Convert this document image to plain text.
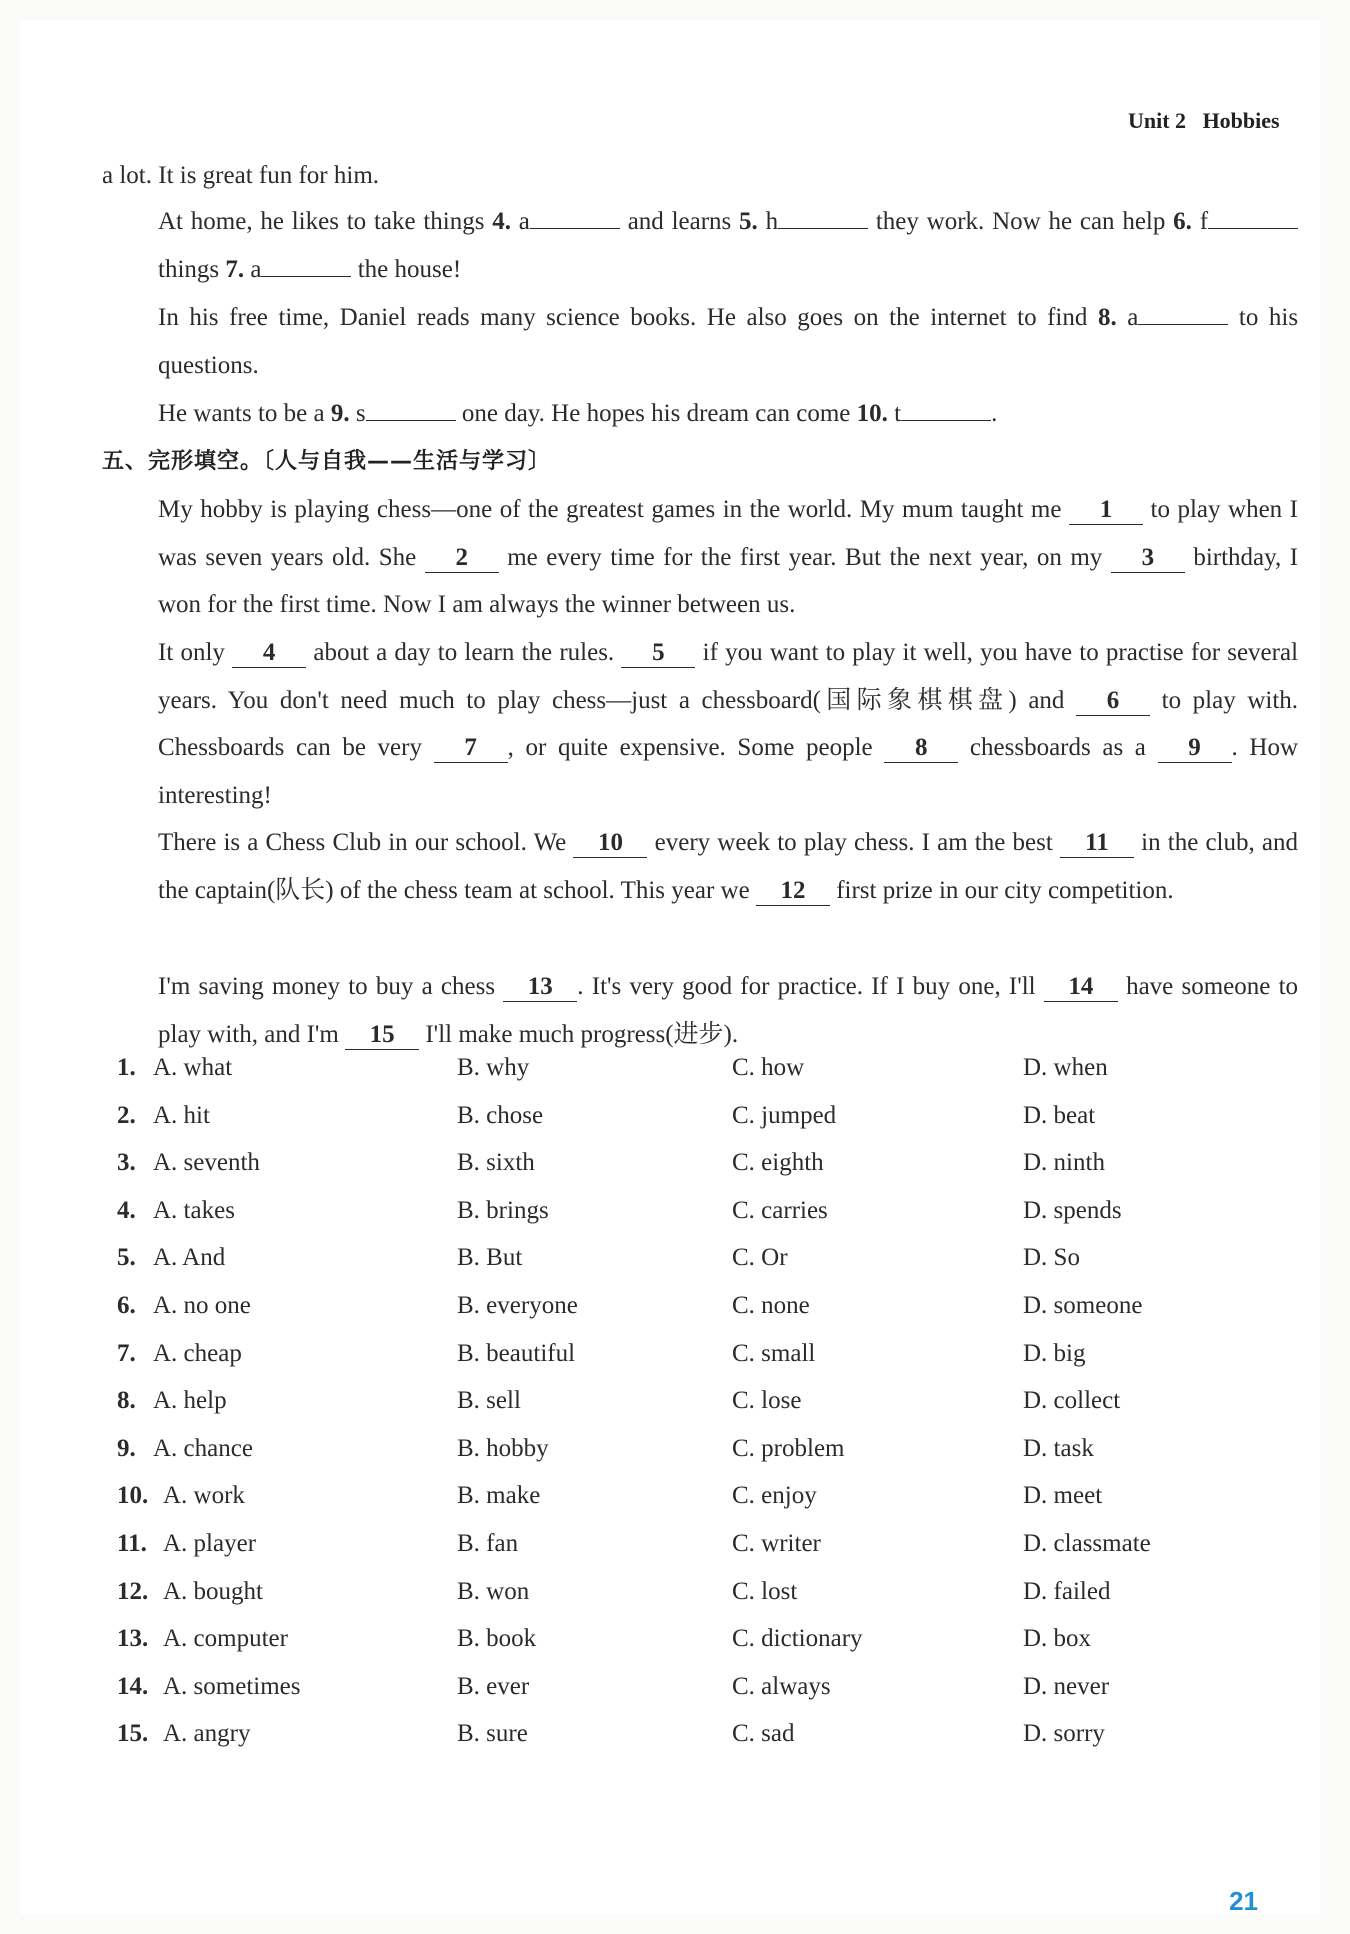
Unit 2 Hobbies
a lot. It is great fun for him.
At home, he likes to take things 4. a	and learns 5. h	they work. Now he can help 6. f things 7. a	the house!
In his free time, Daniel reads many science books. He also goes on the internet to find 8. a	to his questions.
He wants to be a 9. s	one day. He hopes his dream can come 10. t	.
五、完形填空。〔人与自我——生活与学习〕
My hobby is playing chess—one of the greatest games in the world. My mum taught me 1 to play when I was seven years old. She 2 me every time for the first year. But the next year, on my 3 birthday, I won for the first time. Now I am always the winner between us.
It only 4 about a day to learn the rules. 5 if you want to play it well, you have to practise for several years. You don't need much to play chess—just a chessboard(国际象棋棋盘) and 6 to play with. Chessboards can be very 7 , or quite expensive. Some people 8 chessboards as a 9 . How interesting!
There is a Chess Club in our school. We 10 every week to play chess. I am the best 11 in the club, and the captain(队长) of the chess team at school. This year we 12 first prize in our city competition.
I'm saving money to buy a chess 13 . It's very good for practice. If I buy one, I'll 14 have someone to play with, and I'm 15 I'll make much progress(进步).
1. A. what	B. why	C. how	D. when
2. A. hit	B. chose	C. jumped	D. beat
3. A. seventh	B. sixth	C. eighth	D. ninth
4. A. takes	B. brings	C. carries	D. spends
5. A. And	B. But	C. Or	D. So
6. A. no one	B. everyone	C. none	D. someone
7. A. cheap	B. beautiful	C. small	D. big
8. A. help	B. sell	C. lose	D. collect
9. A. chance	B. hobby	C. problem	D. task
10. A. work	B. make	C. enjoy	D. meet
11. A. player	B. fan	C. writer	D. classmate
12. A. bought	B. won	C. lost	D. failed
13. A. computer	B. book	C. dictionary	D. box
14. A. sometimes	B. ever	C. always	D. never
15. A. angry	B. sure	C. sad	D. sorry
21
